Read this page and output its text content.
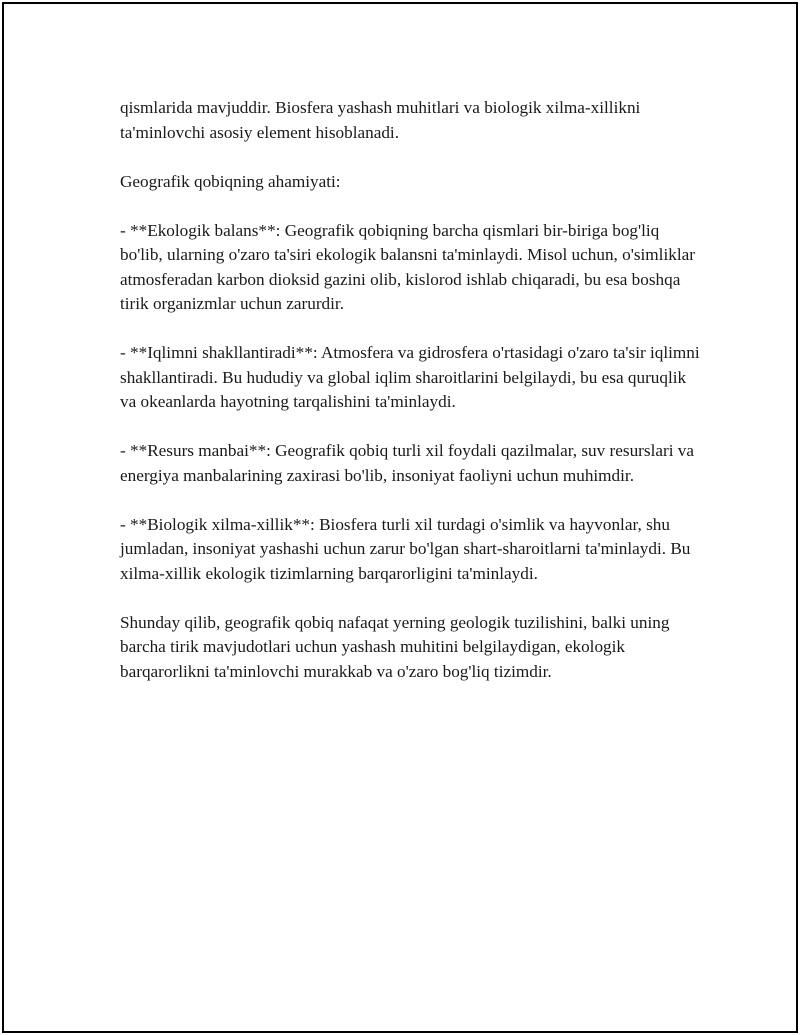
qismlarida mavjuddir. Biosfera yashash muhitlari va biologik xilma-xillikni ta'minlovchi asosiy element hisoblanadi.

Geografik qobiqning ahamiyati:

- **Ekologik balans**: Geografik qobiqning barcha qismlari bir-biriga bog'liq bo'lib, ularning o'zaro ta'siri ekologik balansni ta'minlaydi. Misol uchun, o'simliklar atmosferadan karbon dioksid gazini olib, kislorod ishlab chiqaradi, bu esa boshqa tirik organizmlar uchun zarurdir.

- **Iqlimni shakllantiradi**: Atmosfera va gidrosfera o'rtasidagi o'zaro ta'sir iqlimni shakllantiradi. Bu hududiy va global iqlim sharoitlarini belgilaydi, bu esa quruqlik va okeanlarda hayotning tarqalishini ta'minlaydi.

- **Resurs manbai**: Geografik qobiq turli xil foydali qazilmalar, suv resurslari va energiya manbalarining zaxirasi bo'lib, insoniyat faoliyni uchun muhimdir.

- **Biologik xilma-xillik**: Biosfera turli xil turdagi o'simlik va hayvonlar, shu jumladan, insoniyat yashashi uchun zarur bo'lgan shart-sharoitlarni ta'minlaydi. Bu xilma-xillik ekologik tizimlarning barqarorligini ta'minlaydi.

Shunday qilib, geografik qobiq nafaqat yerning geologik tuzilishini, balki uning barcha tirik mavjudotlari uchun yashash muhitini belgilaydigan, ekologik barqarorlikni ta'minlovchi murakkab va o'zaro bog'liq tizimdir.
